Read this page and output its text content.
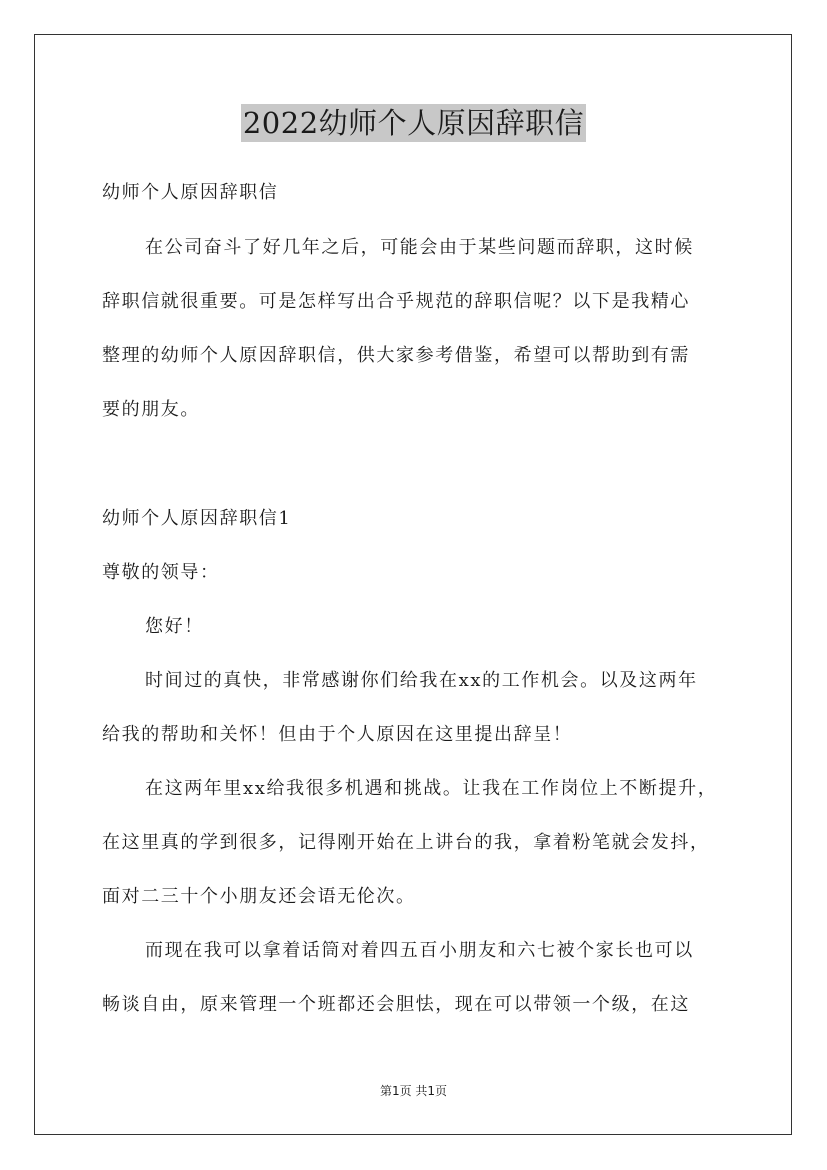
2022幼师个人原因辞职信
幼师个人原因辞职信
在公司奋斗了好几年之后，可能会由于某些问题而辞职，这时候
辞职信就很重要。可是怎样写出合乎规范的辞职信呢？以下是我精心
整理的幼师个人原因辞职信，供大家参考借鉴，希望可以帮助到有需
要的朋友。
幼师个人原因辞职信1
尊敬的领导：
您好！
时间过的真快，非常感谢你们给我在xx的工作机会。以及这两年
给我的帮助和关怀！但由于个人原因在这里提出辞呈！
在这两年里xx给我很多机遇和挑战。让我在工作岗位上不断提升，
在这里真的学到很多，记得刚开始在上讲台的我，拿着粉笔就会发抖，
面对二三十个小朋友还会语无伦次。
而现在我可以拿着话筒对着四五百小朋友和六七被个家长也可以
畅谈自由，原来管理一个班都还会胆怯，现在可以带领一个级，在这
第1页 共1页
